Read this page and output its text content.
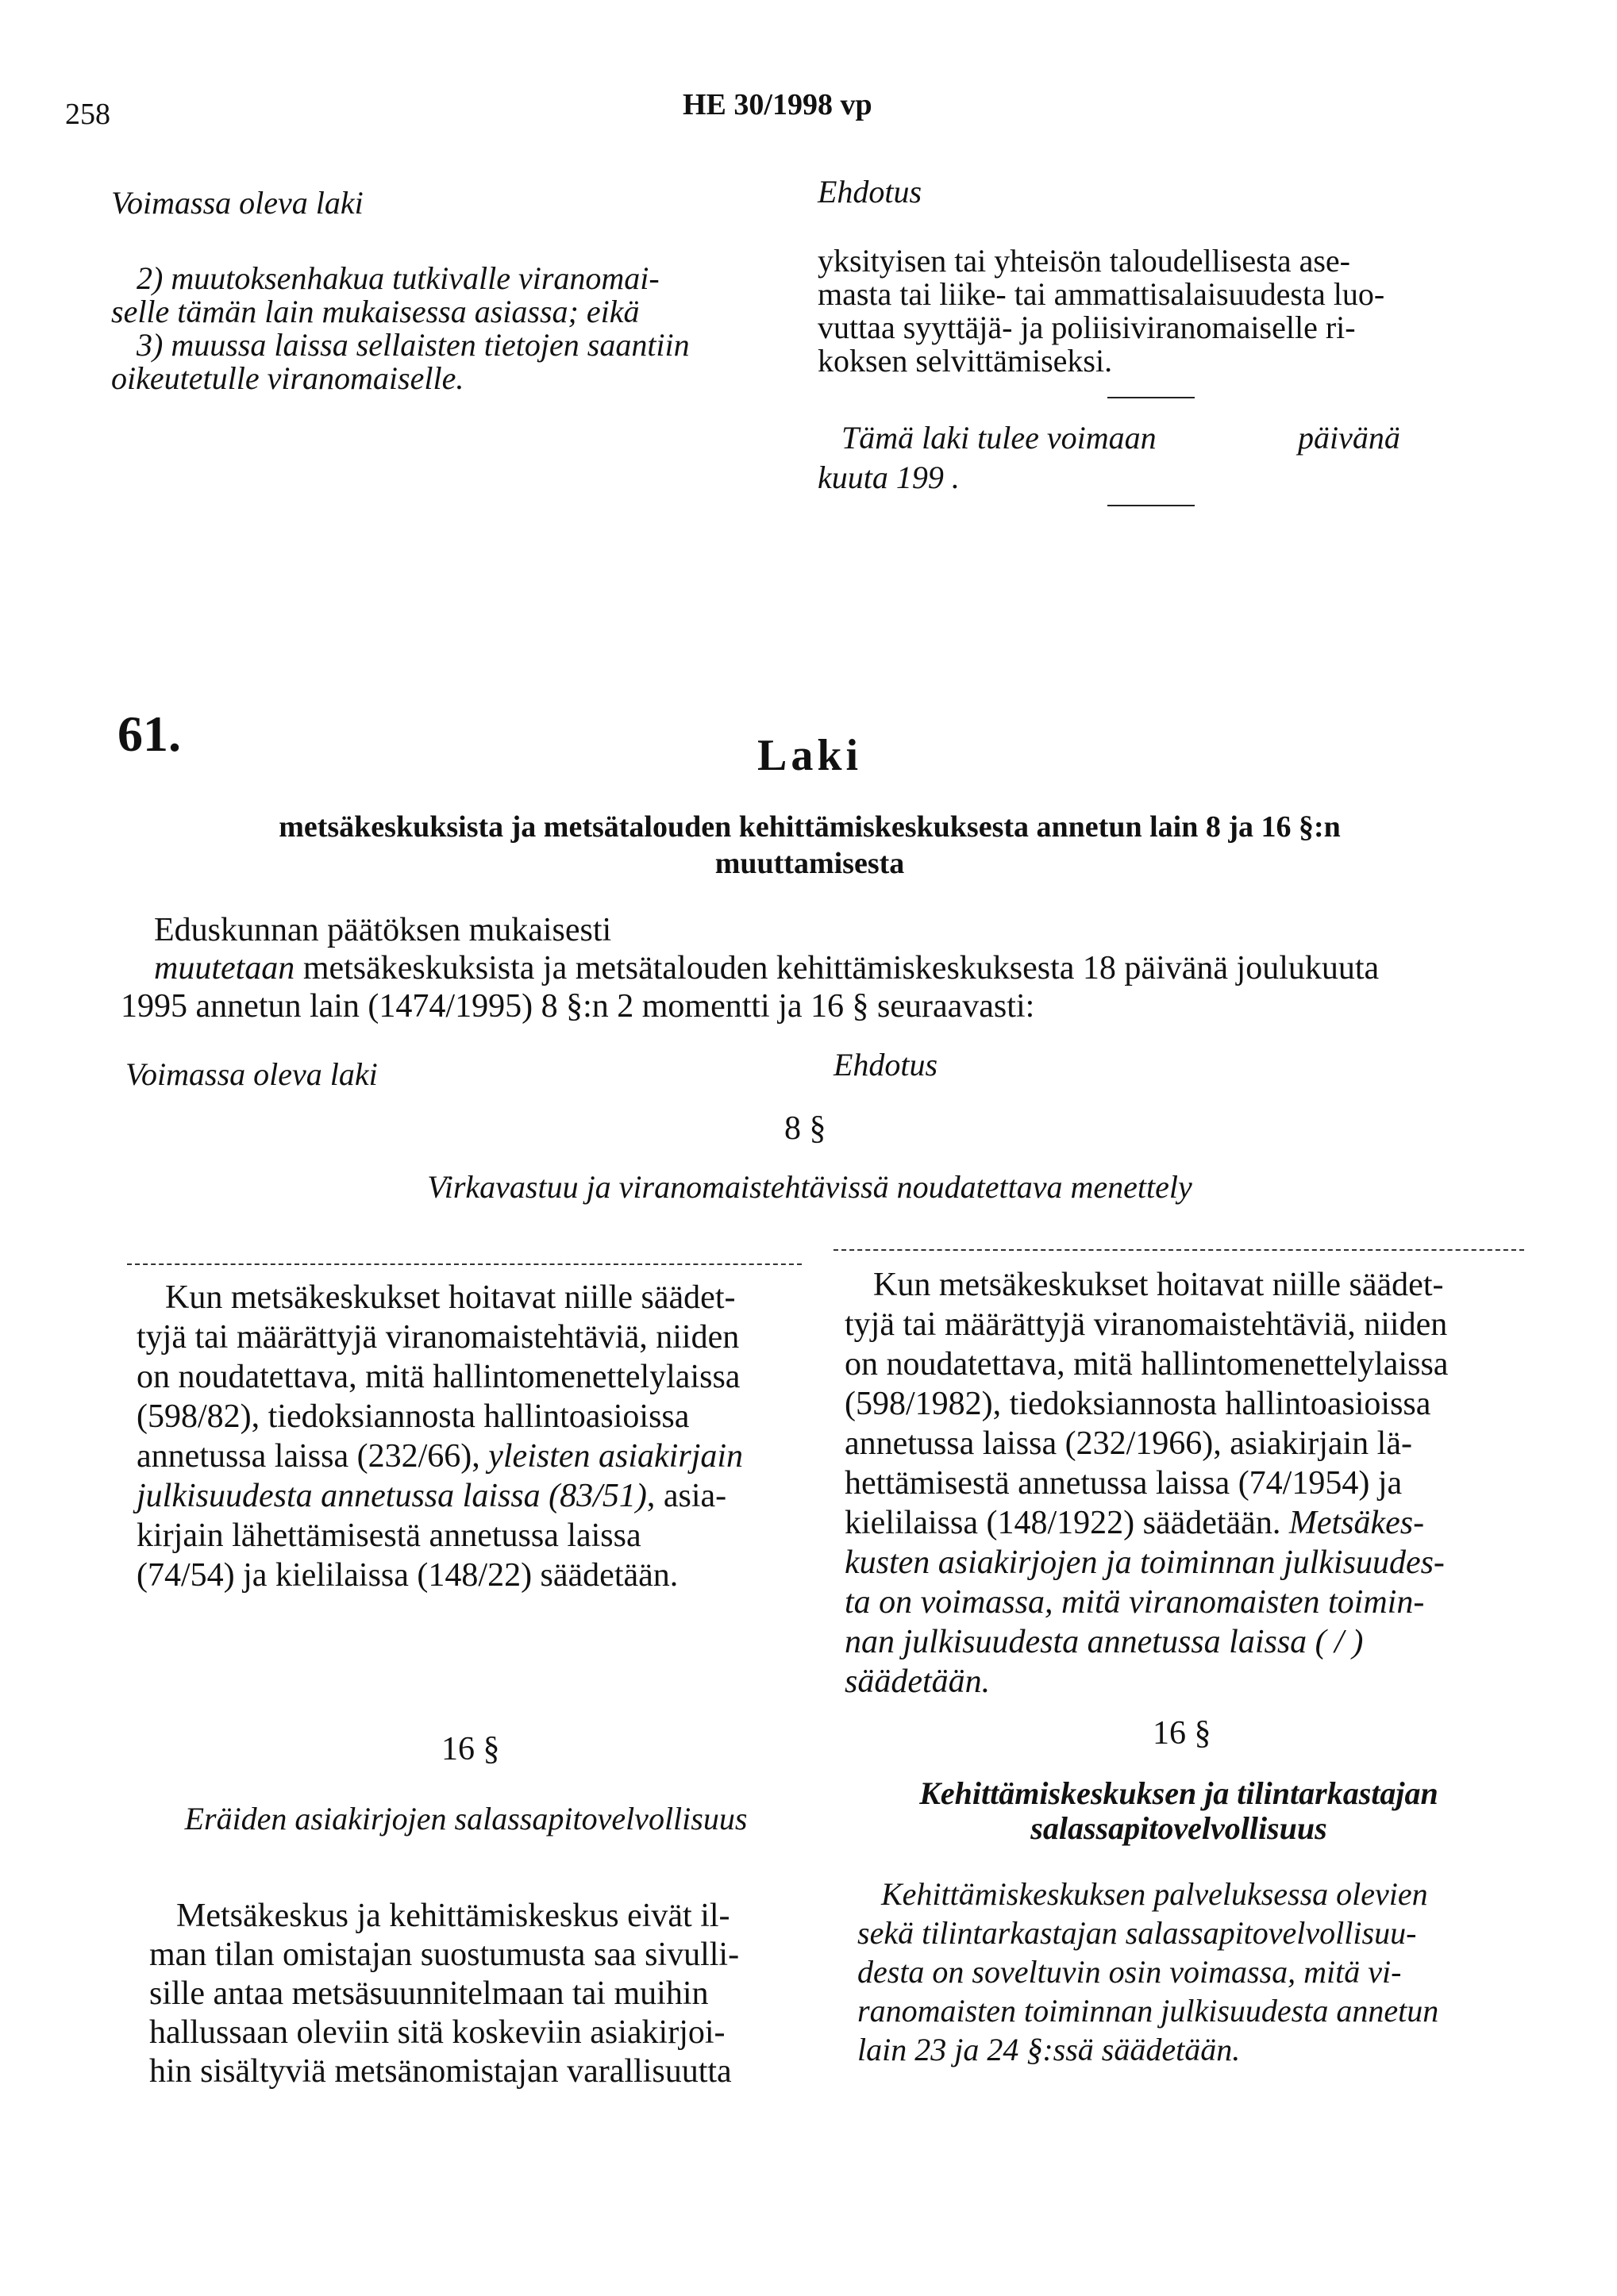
258	HE 30/1998 vp
Voimassa oleva laki	Ehdotus

2) muutoksenhakua tutkivalle viranomai-

selle tämän lain mukaisessa asiassa; eikä

3) muussa laissa sellaisten tietojen saantiin

oikeutetulle viranomaiselle.

yksityisen tai yhteisön taloudellisesta ase-

masta tai liike- tai ammattisalaisuudesta luo-

vuttaa syyttäjä- ja poliisiviranomaiselle ri-

koksen selvittämiseksi.

Tämä laki tulee voimaan	päivänä
kuuta 199 .
61.	Laki
metsäkeskuksista ja metsätalouden kehittämiskeskuksesta annetun lain 8 ja 16 §:n
muuttamisesta
Eduskunnan päätöksen mukaisesti
muutetaan metsäkeskuksista ja metsätalouden kehittämiskeskuksesta 18 päivänä joulukuuta
1995 annetun lain (1474/1995) 8 §:n 2 momentti ja 16 § seuraavasti:
Voimassa oleva laki	Ehdotus
8 §
Virkavastuu ja viranomaistehtävissä noudatettava menettely

Kun metsäkeskukset hoitavat niille säädet-

tyjä tai määrättyjä viranomaistehtäviä, niiden

on noudatettava, mitä hallintomenettelylaissa

(598/82), tiedoksiannosta hallintoasioissa

annetussa laissa (232/66), yleisten asiakirjain

julkisuudesta annetussa laissa (83/51), asia-

kirjain lähettämisestä annetussa laissa

(74/54) ja kielilaissa (148/22) säädetään.

Kun metsäkeskukset hoitavat niille säädet-

tyjä tai määrättyjä viranomaistehtäviä, niiden

on noudatettava, mitä hallintomenettelylaissa

(598/1982), tiedoksiannosta hallintoasioissa

annetussa laissa (232/1966), asiakirjain lä-

hettämisestä annetussa laissa (74/1954) ja

kielilaissa (148/1922) säädetään. Metsäkes-

kusten asiakirjojen ja toiminnan julkisuudes-

ta on voimassa, mitä viranomaisten toimin-

nan julkisuudesta annetussa laissa ( / )

säädetään.

16 §	16 §
Eräiden asiakirjojen salassapitovelvollisuus

Kehittämiskeskuksen ja tilintarkastajan

salassapitovelvollisuus

Metsäkeskus ja kehittämiskeskus eivät il-

man tilan omistajan suostumusta saa sivulli-

sille antaa metsäsuunnitelmaan tai muihin

hallussaan oleviin sitä koskeviin asiakirjoi-

hin sisältyviä metsänomistajan varallisuutta

Kehittämiskeskuksen palveluksessa olevien

sekä tilintarkastajan salassapitovelvollisuu-

desta on soveltuvin osin voimassa, mitä vi-

ranomaisten toiminnan julkisuudesta annetun

lain 23 ja 24 §:ssä säädetään.
